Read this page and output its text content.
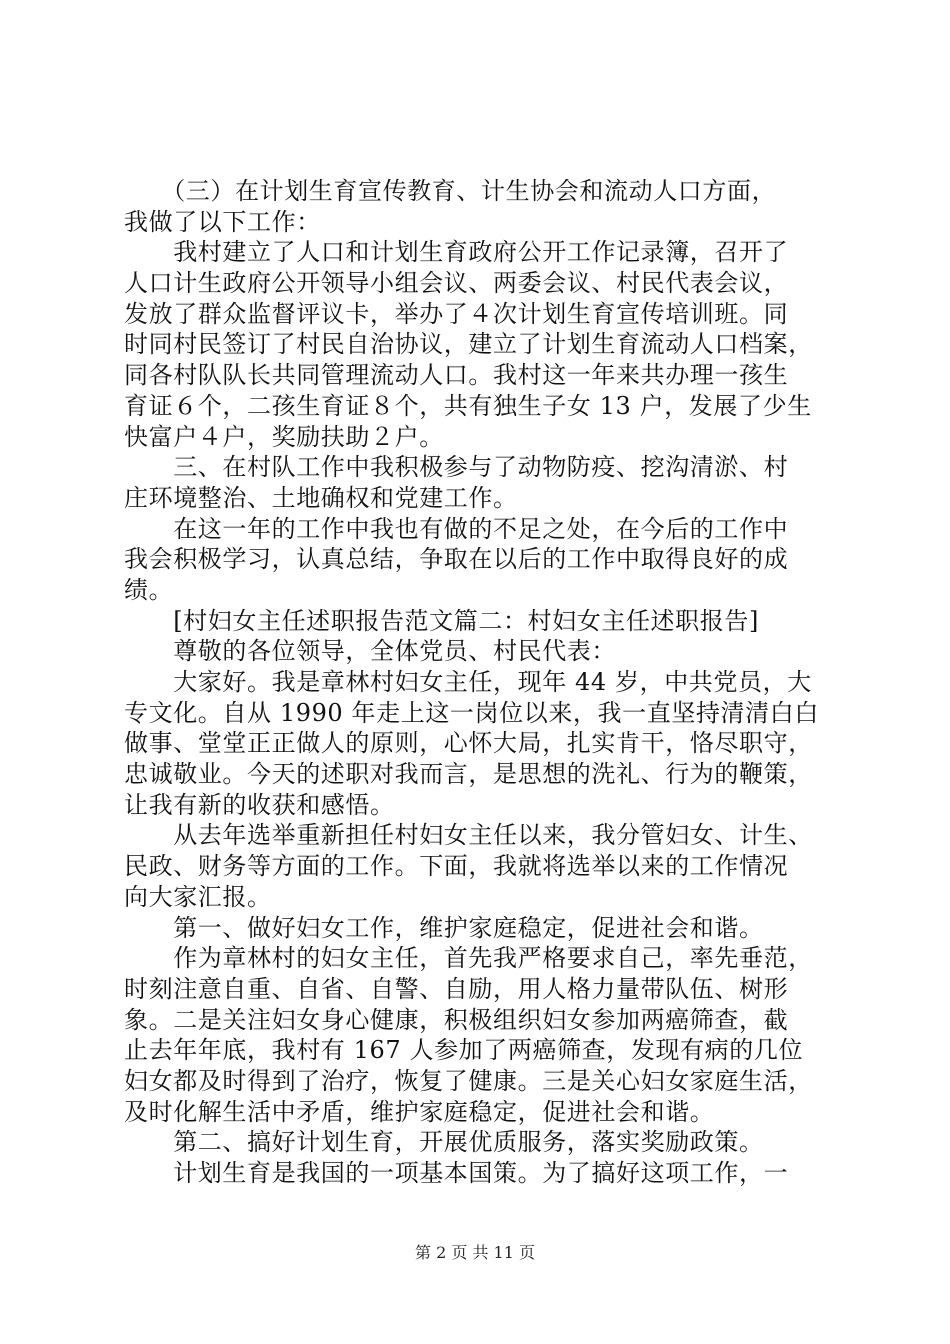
　　（三）在计划生育宣传教育、计生协会和流动人口方面，
我做了以下工作：
　　我村建立了人口和计划生育政府公开工作记录簿，召开了
人口计生政府公开领导小组会议、两委会议、村民代表会议，
发放了群众监督评议卡，举办了４次计划生育宣传培训班。同
时同村民签订了村民自治协议，建立了计划生育流动人口档案，
同各村队队长共同管理流动人口。我村这一年来共办理一孩生
育证６个，二孩生育证８个，共有独生子女 13 户，发展了少生
快富户４户，奖励扶助２户。
　　三、在村队工作中我积极参与了动物防疫、挖沟清淤、村
庄环境整治、土地确权和党建工作。
　　在这一年的工作中我也有做的不足之处，在今后的工作中
我会积极学习，认真总结，争取在以后的工作中取得良好的成
绩。
　　[村妇女主任述职报告范文篇二：村妇女主任述职报告]
　　尊敬的各位领导，全体党员、村民代表：
　　大家好。我是章林村妇女主任，现年 44 岁，中共党员，大
专文化。自从 1990 年走上这一岗位以来，我一直坚持清清白白
做事、堂堂正正做人的原则，心怀大局，扎实肯干，恪尽职守，
忠诚敬业。今天的述职对我而言，是思想的洗礼、行为的鞭策，
让我有新的收获和感悟。
　　从去年选举重新担任村妇女主任以来，我分管妇女、计生、
民政、财务等方面的工作。下面，我就将选举以来的工作情况
向大家汇报。
　　第一、做好妇女工作，维护家庭稳定，促进社会和谐。
　　作为章林村的妇女主任，首先我严格要求自己，率先垂范，
时刻注意自重、自省、自警、自励，用人格力量带队伍、树形
象。二是关注妇女身心健康，积极组织妇女参加两癌筛查，截
止去年年底，我村有 167 人参加了两癌筛查，发现有病的几位
妇女都及时得到了治疗，恢复了健康。三是关心妇女家庭生活，
及时化解生活中矛盾，维护家庭稳定，促进社会和谐。
　　第二、搞好计划生育，开展优质服务，落实奖励政策。
　　计划生育是我国的一项基本国策。为了搞好这项工作，一
第 2 页 共 11 页
